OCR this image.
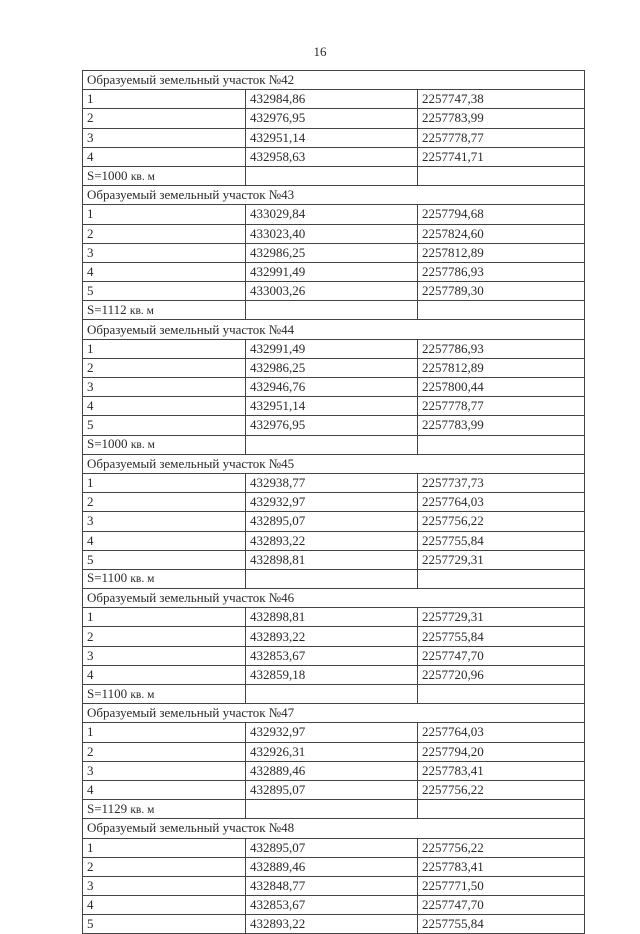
16
Образуемый земельный участок №42		
1	432984,86	2257747,38
2	432976,95	2257783,99
3	432951,14	2257778,77
4	432958,63	2257741,71
S=1000 кв. м		
Образуемый земельный участок №43		
1	433029,84	2257794,68
2	433023,40	2257824,60
3	432986,25	2257812,89
4	432991,49	2257786,93
5	433003,26	2257789,30
S=1112 кв. м		
Образуемый земельный участок №44		
1	432991,49	2257786,93
2	432986,25	2257812,89
3	432946,76	2257800,44
4	432951,14	2257778,77
5	432976,95	2257783,99
S=1000 кв. м		
Образуемый земельный участок №45		
1	432938,77	2257737,73
2	432932,97	2257764,03
3	432895,07	2257756,22
4	432893,22	2257755,84
5	432898,81	2257729,31
S=1100 кв. м		
Образуемый земельный участок №46		
1	432898,81	2257729,31
2	432893,22	2257755,84
3	432853,67	2257747,70
4	432859,18	2257720,96
S=1100 кв. м		
Образуемый земельный участок №47		
1	432932,97	2257764,03
2	432926,31	2257794,20
3	432889,46	2257783,41
4	432895,07	2257756,22
S=1129 кв. м		
Образуемый земельный участок №48		
1	432895,07	2257756,22
2	432889,46	2257783,41
3	432848,77	2257771,50
4	432853,67	2257747,70
5	432893,22	2257755,84
